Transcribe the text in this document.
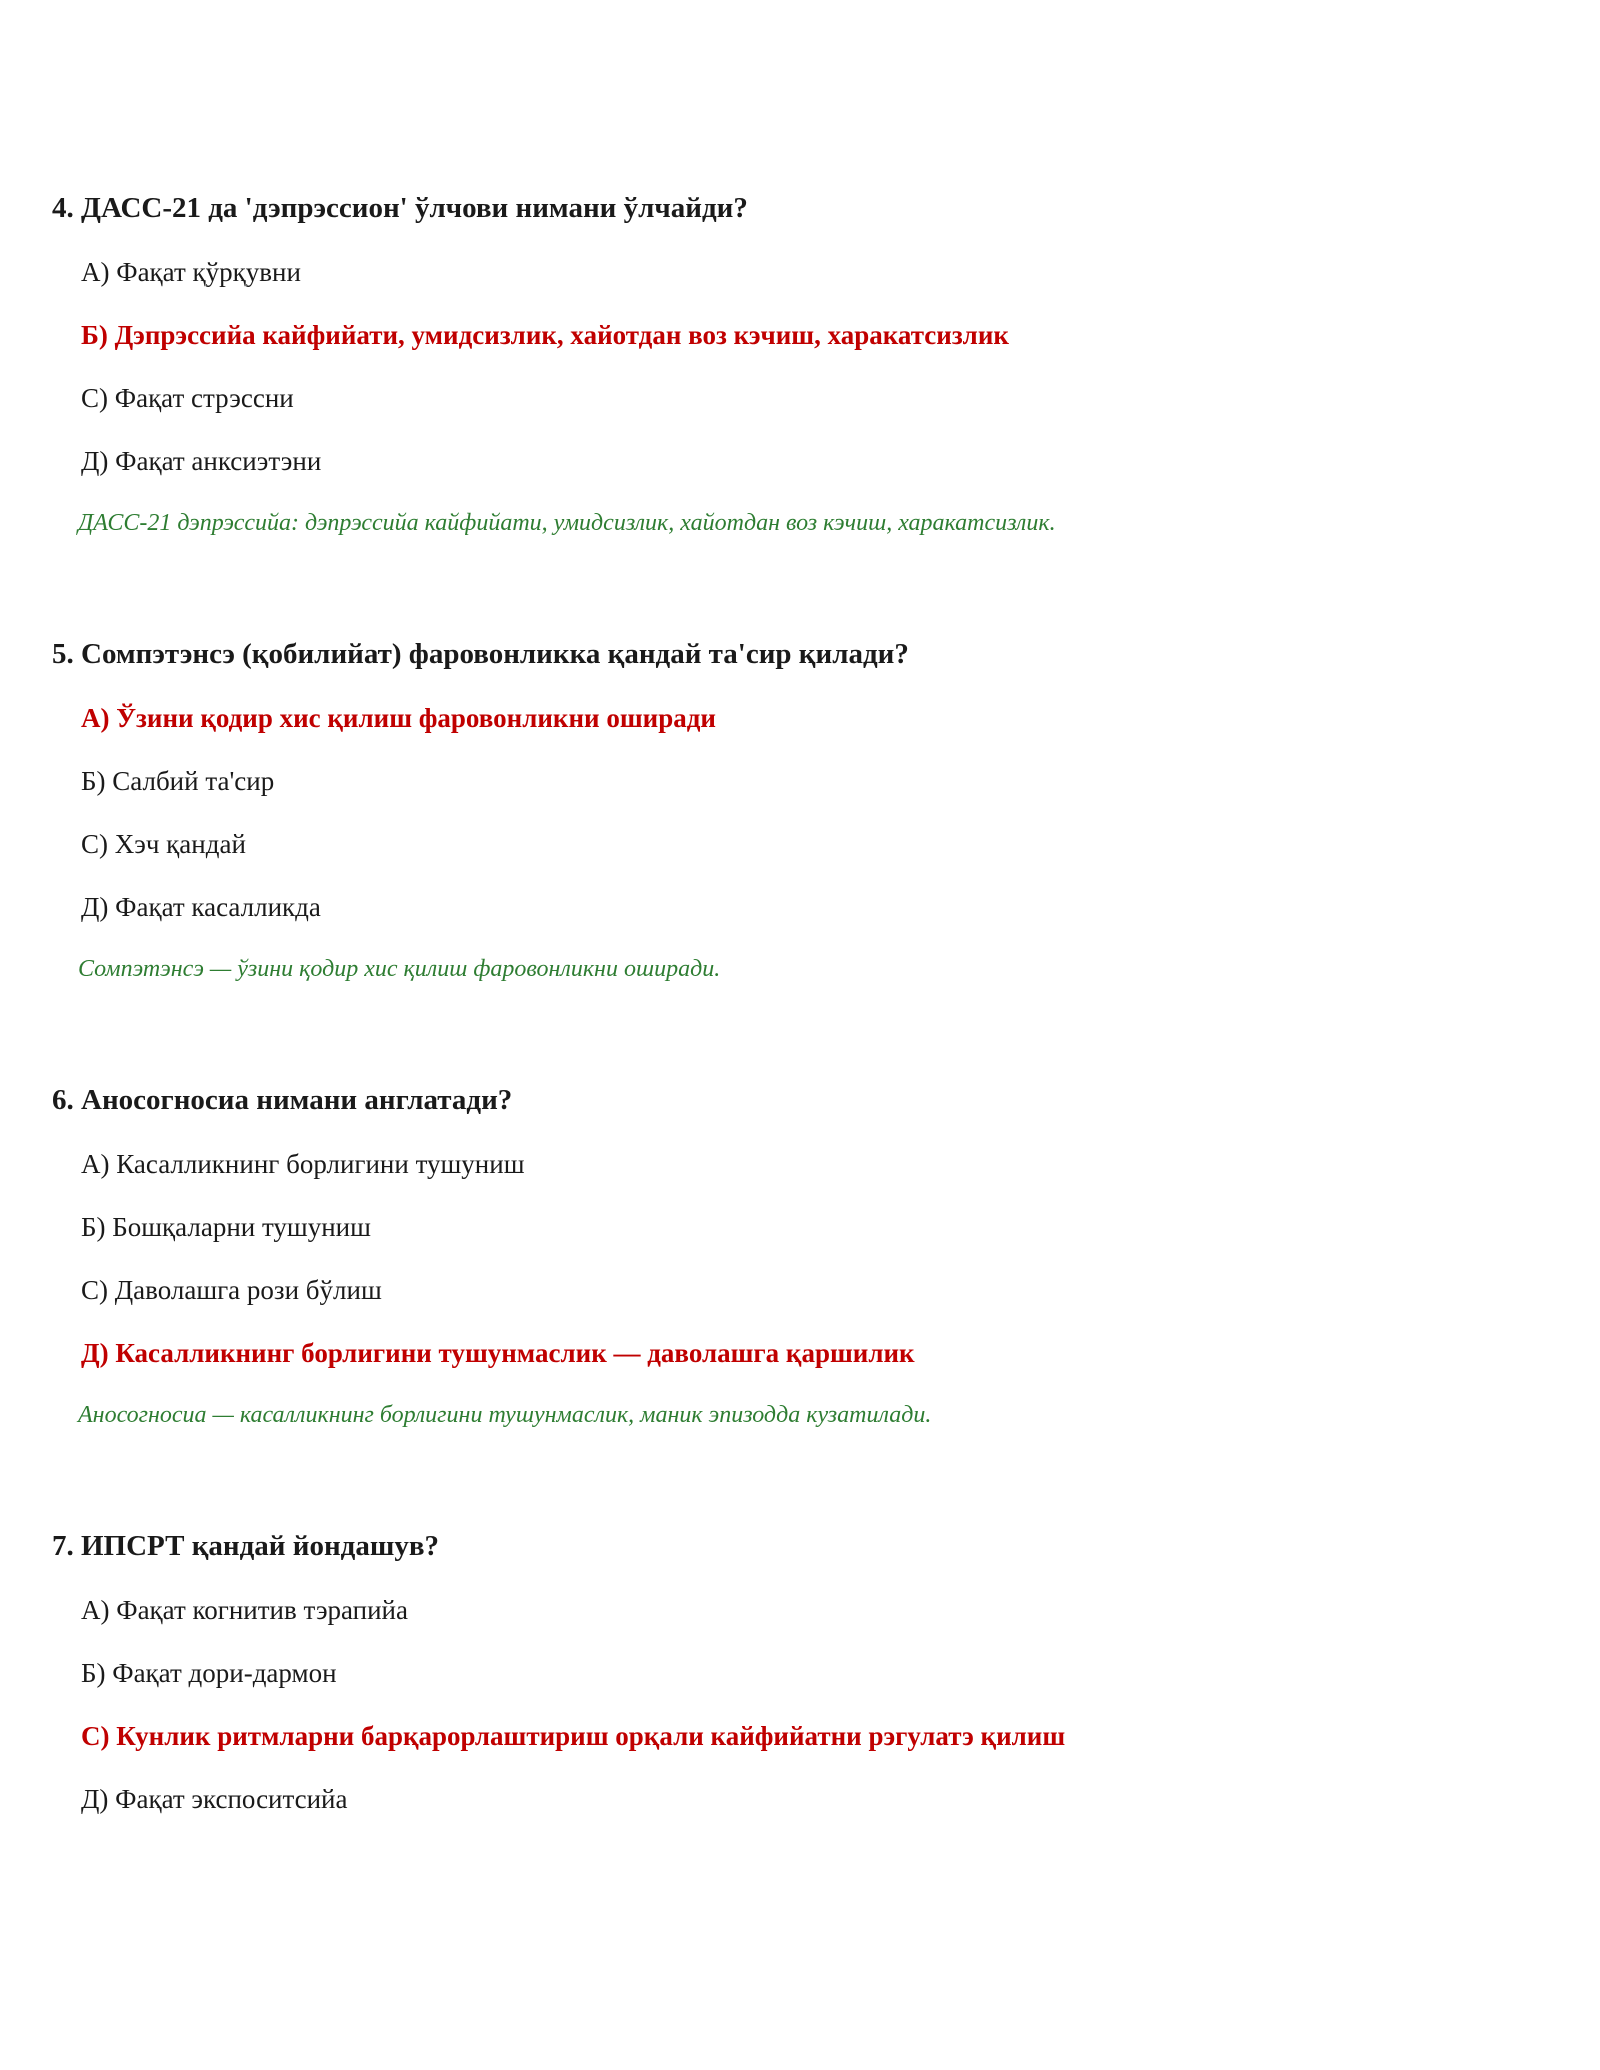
4. ДАСС-21 да 'дэпрэссион' ўлчови нимани ўлчайди?

А) Фақат қўрқувни

Б) Дэпрэссийа кайфийати, умидсизлик, хайотдан воз кэчиш, харакатсизлик

С) Фақат стрэссни

Д) Фақат анксиэтэни

ДАСС-21 дэпрэссийа: дэпрэссийа кайфийати, умидсизлик, хайотдан воз кэчиш, харакатсизлик.

5. Сомпэтэнсэ (қобилийат) фаровонликка қандай та'сир қилади?

А) Ўзини қодир хис қилиш фаровонликни оширади

Б) Салбий та'сир

С) Хэч қандай

Д) Фақат касалликда

Сомпэтэнсэ — ўзини қодир хис қилиш фаровонликни оширади.

6. Аносогносиа нимани англатади?

А) Касалликнинг борлигини тушуниш

Б) Бошқаларни тушуниш

С) Даволашга рози бўлиш

Д) Касалликнинг борлигини тушунмаслик — даволашга қаршилик

Аносогносиа — касалликнинг борлигини тушунмаслик, маник эпизодда кузатилади.

7. ИПСРТ қандай йондашув?

А) Фақат когнитив тэрапийа

Б) Фақат дори-дармон

С) Кунлик ритмларни барқарорлаштириш орқали кайфийатни рэгулатэ қилиш

Д) Фақат экспоситсийа
